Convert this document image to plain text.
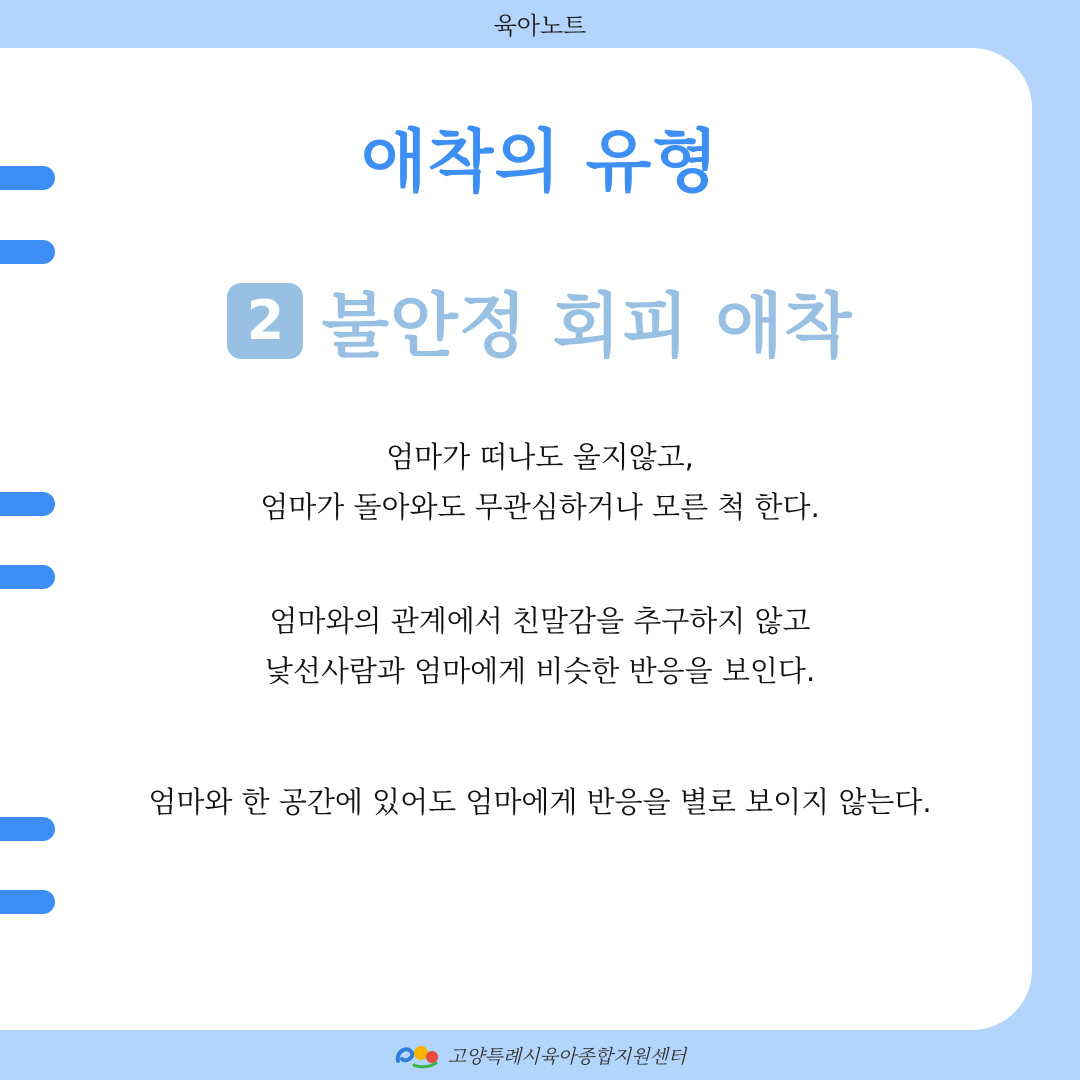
육아노트
애착의 유형
2 불안정 회피 애착
엄마가 떠나도 울지않고,
엄마가 돌아와도 무관심하거나 모른 척 한다.
엄마와의 관계에서 친말감을 추구하지 않고
낯선사람과 엄마에게 비슷한 반응을 보인다.
엄마와 한 공간에 있어도 엄마에게 반응을 별로 보이지 않는다.
고양특례시육아종합지원센터
